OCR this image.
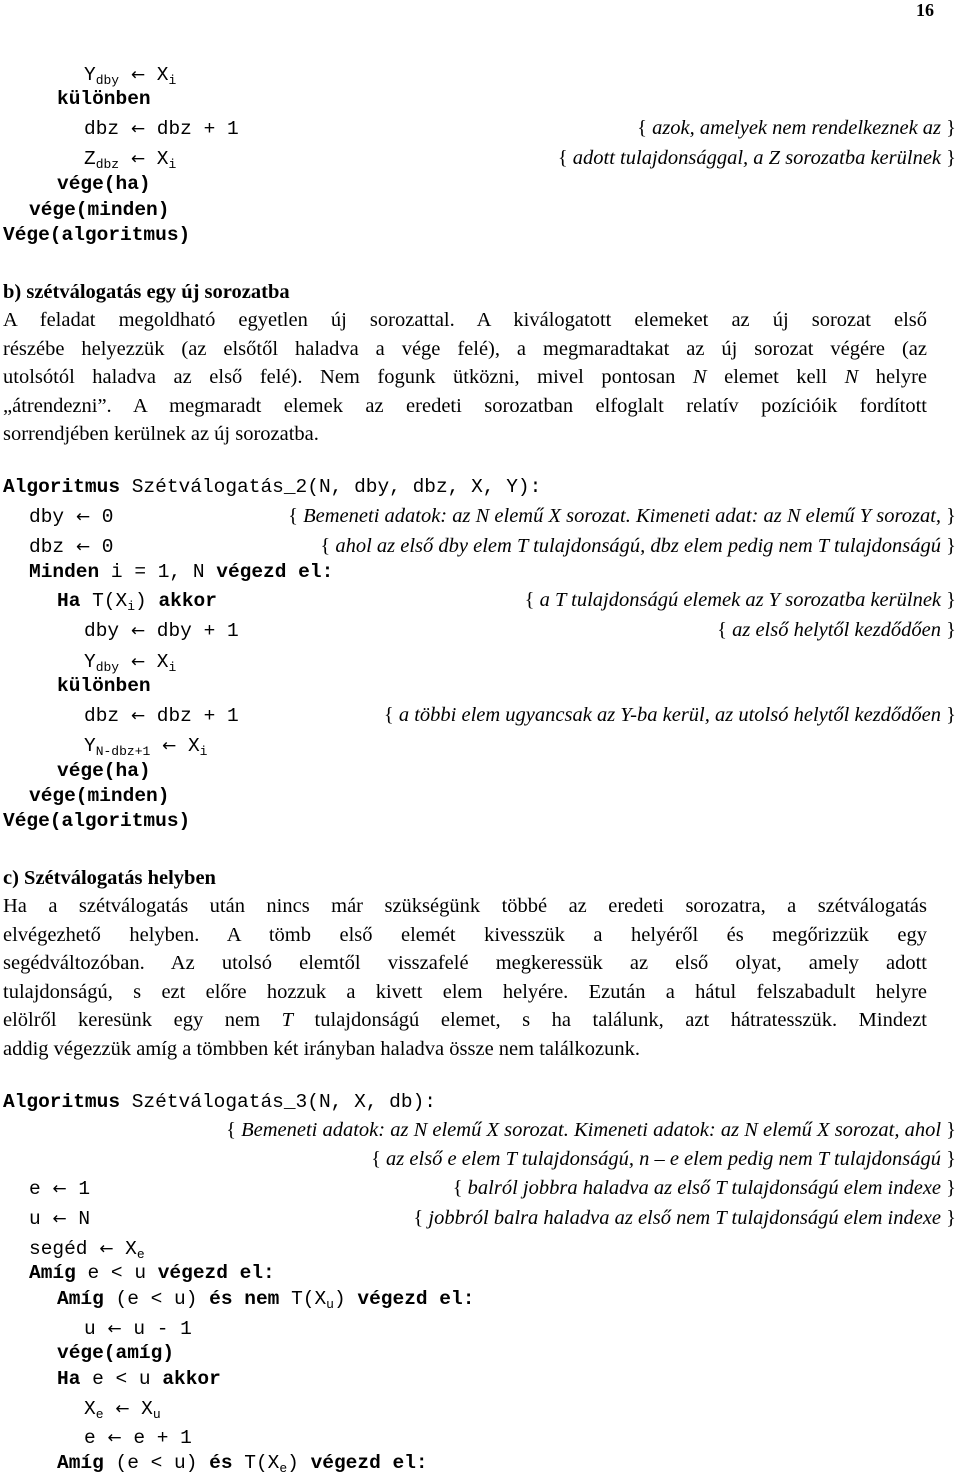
16
$Y_{dby}$ ← $X_i$
különben
dbz ← dbz + 1	{ azok, amelyek nem rendelkeznek az }
$Z_{dbz}$ ← $X_i$	{ adott tulajdonsággal, a Z sorozatba kerülnek }
vége(ha)
vége(minden)
Vége(algoritmus)
b) szétválogatás egy új sorozatba
A feladat megoldható egyetlen új sorozattal. A kiválogatott elemeket az új sorozat első
részébe helyezzük (az elsőtől haladva a vége felé), a megmaradtakat az új sorozat végére (az
utolsótól haladva az első felé). Nem fogunk ütközni, mivel pontosan N elemet kell N helyre
„átrendezni”. A megmaradt elemek az eredeti sorozatban elfoglalt relatív pozícióik fordított
sorrendjében kerülnek az új sorozatba.
Algoritmus Szétválogatás_2(N, dby, dbz, X, Y):
dby ← 0	{ Bemeneti adatok: az N elemű X sorozat. Kimeneti adat: az N elemű Y sorozat, }
dbz ← 0	{ ahol az első dby elem T tulajdonságú, dbz elem pedig nem T tulajdonságú }
Minden i = 1, N végezd el:
Ha $T(X_i)$ akkor	{ a T tulajdonságú elemek az Y sorozatba kerülnek }
dby ← dby + 1	{ az első helytől kezdődően }
$Y_{dby}$ ← $X_i$
különben
dbz ← dbz + 1	{ a többi elem ugyancsak az Y-ba kerül, az utolsó helytől kezdődően }
$Y_{N-dbz+1}$ ← $X_i$
vége(ha)
vége(minden)
Vége(algoritmus)
c) Szétválogatás helyben
Ha a szétválogatás után nincs már szükségünk többé az eredeti sorozatra, a szétválogatás
elvégezhető helyben. A tömb első elemét kivesszük a helyéről és megőrizzük egy
segédváltozóban. Az utolsó elemtől visszafelé megkeressük az első olyat, amely adott
tulajdonságú, s ezt előre hozzuk a kivett elem helyére. Ezután a hátul felszabadult helyre
elölről keresünk egy nem T tulajdonságú elemet, s ha találunk, azt hátratesszük. Mindezt
addig végezzük amíg a tömbben két irányban haladva össze nem találkozunk.
Algoritmus Szétválogatás_3(N, X, db):
{ Bemeneti adatok: az N elemű X sorozat. Kimeneti adatok: az N elemű X sorozat, ahol }
{ az első e elem T tulajdonságú, n – e elem pedig nem T tulajdonságú }
e ← 1	{ balról jobbra haladva az első T tulajdonságú elem indexe }
u ← N	{ jobbról balra haladva az első nem T tulajdonságú elem indexe }
segéd ← $X_e$
Amíg e < u végezd el:
Amíg (e < u) és nem $T(X_u)$ végezd el:
u ← u - 1
vége(amíg)
Ha e < u akkor
$X_e$ ← $X_u$
e ← e + 1
Amíg (e < u) és $T(X_e)$ végezd el:
